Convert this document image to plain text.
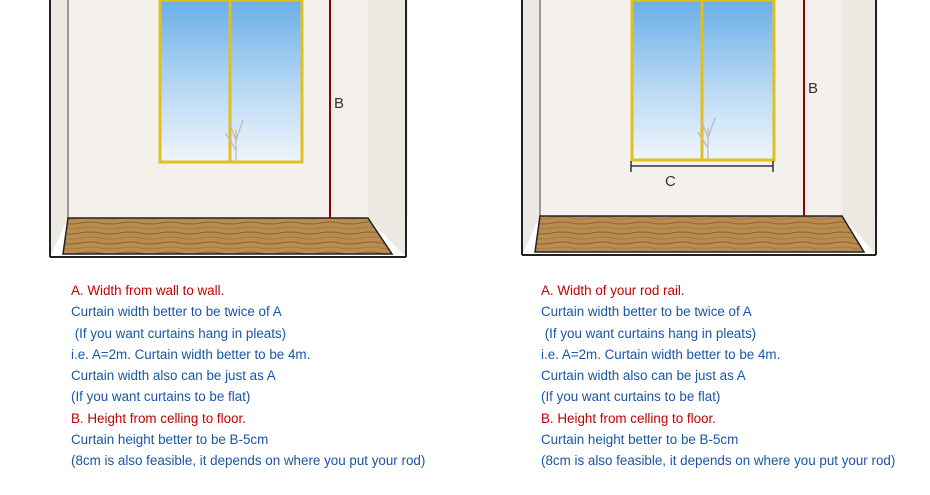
B
C
B
A. Width from wall to wall.
Curtain width better to be twice of A
(If you want curtains hang in pleats)
i.e. A=2m. Curtain width better to be 4m.
Curtain width also can be just as A
(If you want curtains to be flat)
B. Height from celling to floor.
Curtain height better to be B-5cm
(8cm is also feasible, it depends on where you put your rod)
A. Width of your rod rail.
Curtain width better to be twice of A
(If you want curtains hang in pleats)
i.e. A=2m. Curtain width better to be 4m.
Curtain width also can be just as A
(If you want curtains to be flat)
B. Height from celling to floor.
Curtain height better to be B-5cm
(8cm is also feasible, it depends on where you put your rod)
